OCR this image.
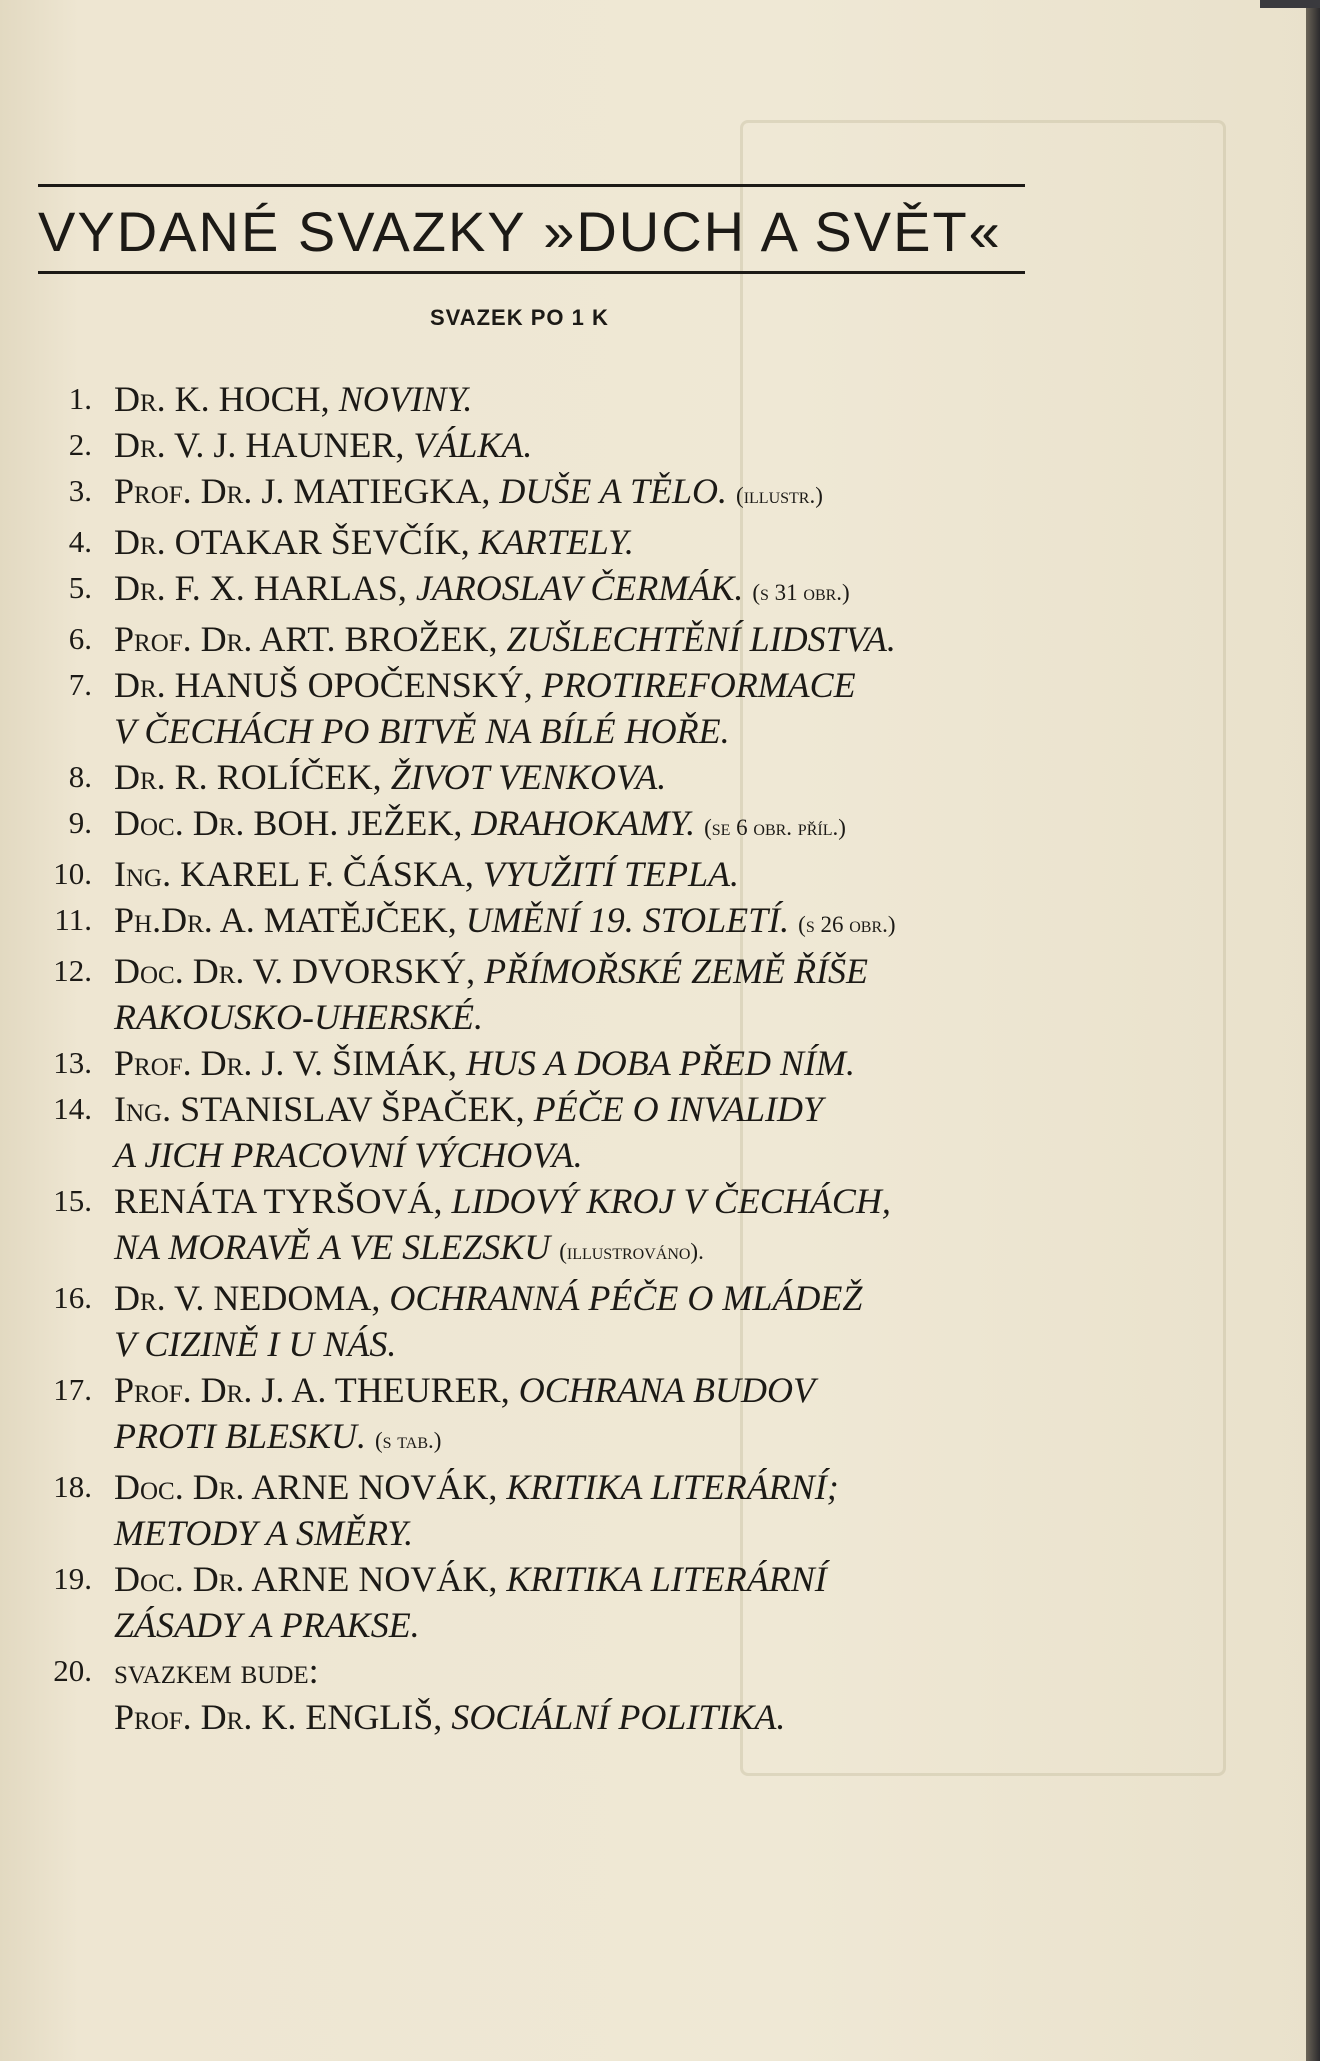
VYDANÉ SVAZKY »DUCH A SVĚT«
SVAZEK PO 1 K
1. Dr. K. HOCH, NOVINY.
2. Dr. V. J. HAUNER, VÁLKA.
3. Prof. Dr. J. MATIEGKA, DUŠE A TĚLO. (illustr.)
4. Dr. OTAKAR ŠEVČÍK, KARTELY.
5. Dr. F. X. HARLAS, JAROSLAV ČERMÁK. (s 31 obr.)
6. Prof. Dr. ART. BROŽEK, ZUŠLECHTĚNÍ LIDSTVA.
7. Dr. HANUŠ OPOČENSKÝ, PROTIREFORMACE
V ČECHÁCH PO BITVĚ NA BÍLÉ HOŘE.
8. Dr. R. ROLÍČEK, ŽIVOT VENKOVA.
9. Doc. Dr. BOH. JEŽEK, DRAHOKAMY. (se 6 obr. příl.)
10. Ing. KAREL F. ČÁSKA, VYUŽITÍ TEPLA.
11. Ph.Dr. A. MATĚJČEK, UMĚNÍ 19. STOLETÍ. (s 26 obr.)
12. Doc. Dr. V. DVORSKÝ, PŘÍMOŘSKÉ ZEMĚ ŘÍŠE
RAKOUSKO-UHERSKÉ.
13. Prof. Dr. J. V. ŠIMÁK, HUS A DOBA PŘED NÍM.
14. Ing. STANISLAV ŠPAČEK, PÉČE O INVALIDY
A JICH PRACOVNÍ VÝCHOVA.
15. RENÁTA TYRŠOVÁ, LIDOVÝ KROJ V ČECHÁCH,
NA MORAVĚ A VE SLEZSKU (illustrováno).
16. Dr. V. NEDOMA, OCHRANNÁ PÉČE O MLÁDEŽ
V CIZINĚ I U NÁS.
17. Prof. Dr. J. A. THEURER, OCHRANA BUDOV
PROTI BLESKU. (s tab.)
18. Doc. Dr. ARNE NOVÁK, KRITIKA LITERÁRNÍ;
METODY A SMĚRY.
19. Doc. Dr. ARNE NOVÁK, KRITIKA LITERÁRNÍ
ZÁSADY A PRAKSE.
20. svazkem bude:
Prof. Dr. K. ENGLIŠ, SOCIÁLNÍ POLITIKA.
